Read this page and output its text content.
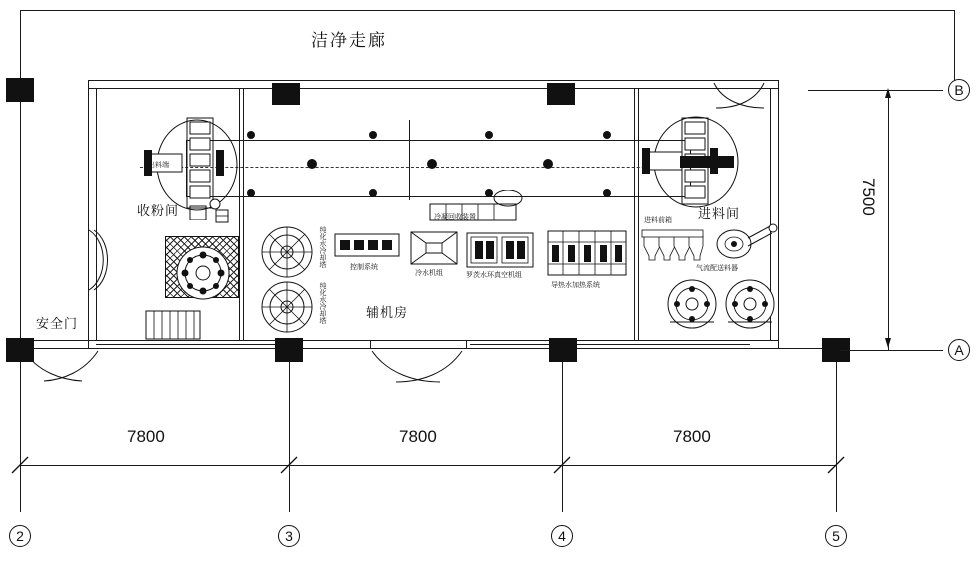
洁净走廊
B
A
2	3	4	5
7800	7800	7800
7500
安全门
出料端	进料端
冷凝回收装置
收粉间
辅机房
进料间
纯化水冷却塔
纯化水冷却塔
控制系统
冷水机组	罗茨水环真空机组
导热水加热系统
进料前箱
气流配送料器
